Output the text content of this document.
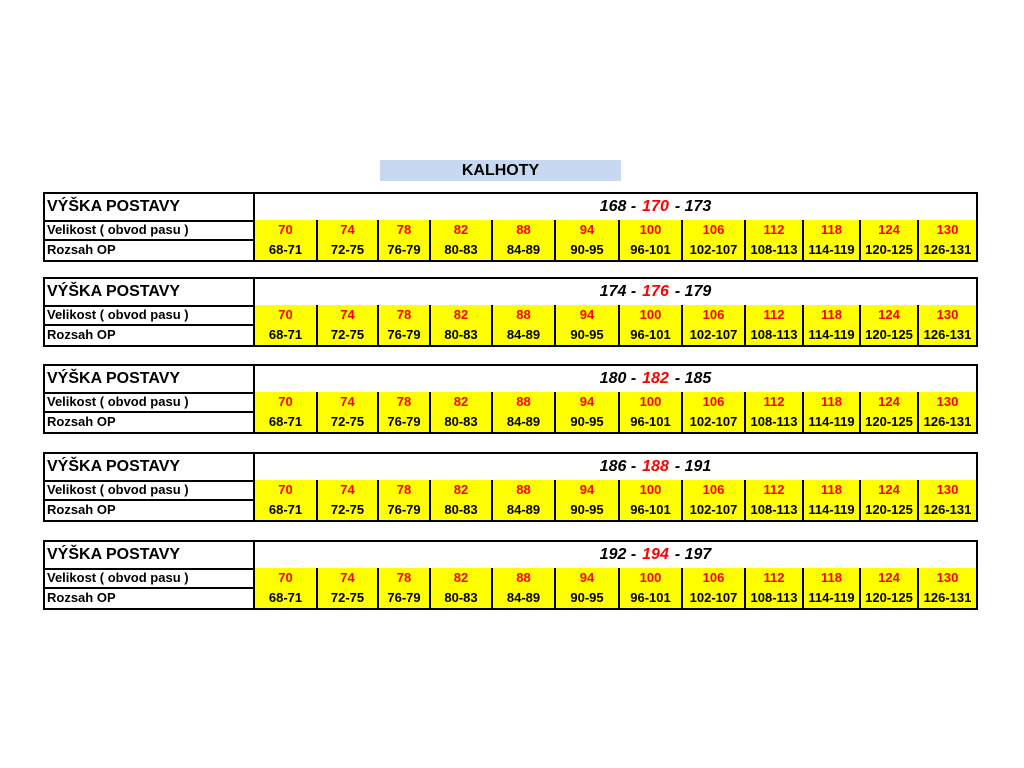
KALHOTY
VÝŠKA POSTAVY	168 - 170 - 173
Velikost ( obvod pasu )	70	74	78	82	88	94	100	106	112	118	124	130
Rozsah OP	68-71	72-75	76-79	80-83	84-89	90-95	96-101	102-107	108-113 114-119 120-125 126-131
VÝŠKA POSTAVY	174 - 176 - 179
Velikost ( obvod pasu )	70	74	78	82	88	94	100	106	112	118	124	130
Rozsah OP	68-71	72-75	76-79	80-83	84-89	90-95	96-101	102-107	108-113 114-119 120-125 126-131
VÝŠKA POSTAVY	180 - 182 - 185
Velikost ( obvod pasu )	70	74	78	82	88	94	100	106	112	118	124	130
Rozsah OP	68-71	72-75	76-79	80-83	84-89	90-95	96-101	102-107	108-113 114-119 120-125 126-131
VÝŠKA POSTAVY	186 - 188 - 191
Velikost ( obvod pasu )	70	74	78	82	88	94	100	106	112	118	124	130
Rozsah OP	68-71	72-75	76-79	80-83	84-89	90-95	96-101	102-107	108-113 114-119 120-125 126-131
VÝŠKA POSTAVY	192 - 194 - 197
Velikost ( obvod pasu )	70	74	78	82	88	94	100	106	112	118	124	130
Rozsah OP	68-71	72-75	76-79	80-83	84-89	90-95	96-101	102-107	108-113 114-119 120-125 126-131
